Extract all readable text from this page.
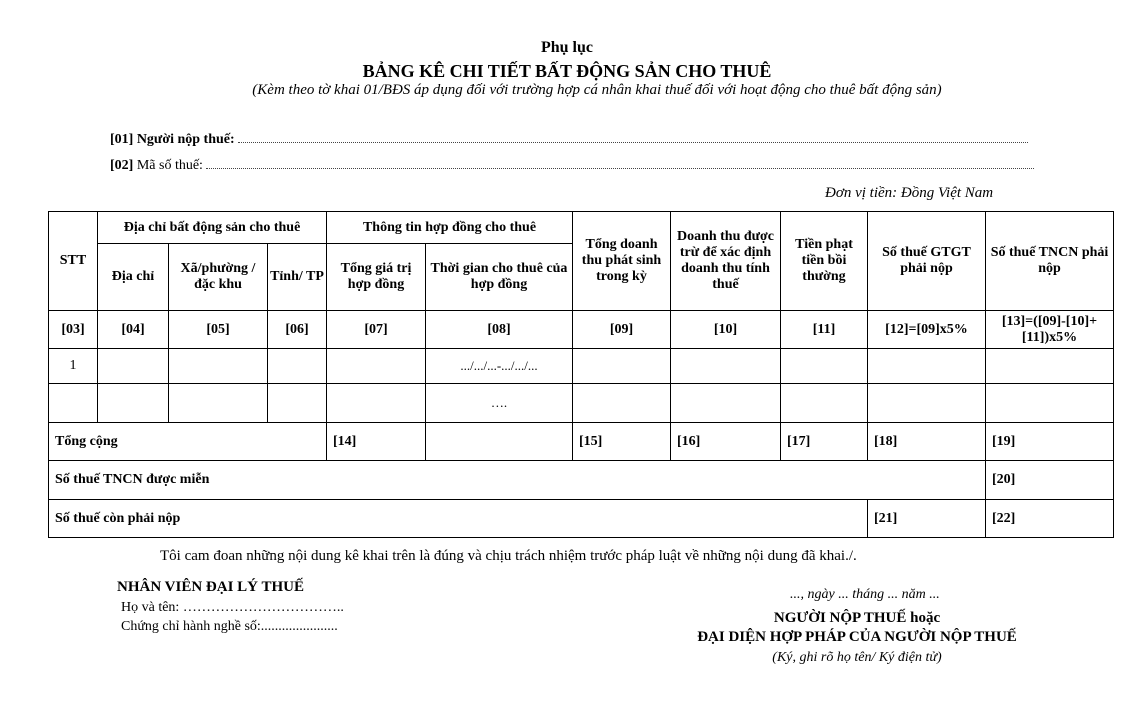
Phụ lục
BẢNG KÊ CHI TIẾT BẤT ĐỘNG SẢN CHO THUÊ
(Kèm theo tờ khai 01/BĐS áp dụng đối với trường hợp cá nhân khai thuế đối với hoạt động cho thuê bất động sản)
[01] Người nộp thuế:
[02] Mã số thuế:
Đơn vị tiền: Đồng Việt Nam
STT	Địa chỉ bất động sản cho thuê			Thông tin hợp đồng cho thuê		Tổng doanh thu phát sinh trong kỳ	Doanh thu được trừ để xác định doanh thu tính thuế	Tiền phạt tiền bồi thường	Số thuế GTGT phải nộp	Số thuế TNCN phải nộp
	Địa chỉ	Xã/phường /đặc khu	Tỉnh/ TP	Tổng giá trị hợp đồng	Thời gian cho thuê của hợp đồng					
[03]	[04]	[05]	[06]	[07]	[08]	[09]	[10]	[11]	[12]=[09]x5%	[13]=([09]-[10]+[11])x5%
1					.../.../...-.../.../...					
					….					
Tổng cộng				[14]		[15]	[16]	[17]	[18]	[19]
Số thuế TNCN được miễn										[20]
Số thuế còn phải nộp									[21]	[22]
Tôi cam đoan những nội dung kê khai trên là đúng và chịu trách nhiệm trước pháp luật về những nội dung đã khai./.
NHÂN VIÊN ĐẠI LÝ THUẾ
Họ và tên: ……………………………..
Chứng chỉ hành nghề số:......................
..., ngày ... tháng ... năm ...
NGƯỜI NỘP THUẾ hoặc
ĐẠI DIỆN HỢP PHÁP CỦA NGƯỜI NỘP THUẾ
(Ký, ghi rõ họ tên/ Ký điện tử)
